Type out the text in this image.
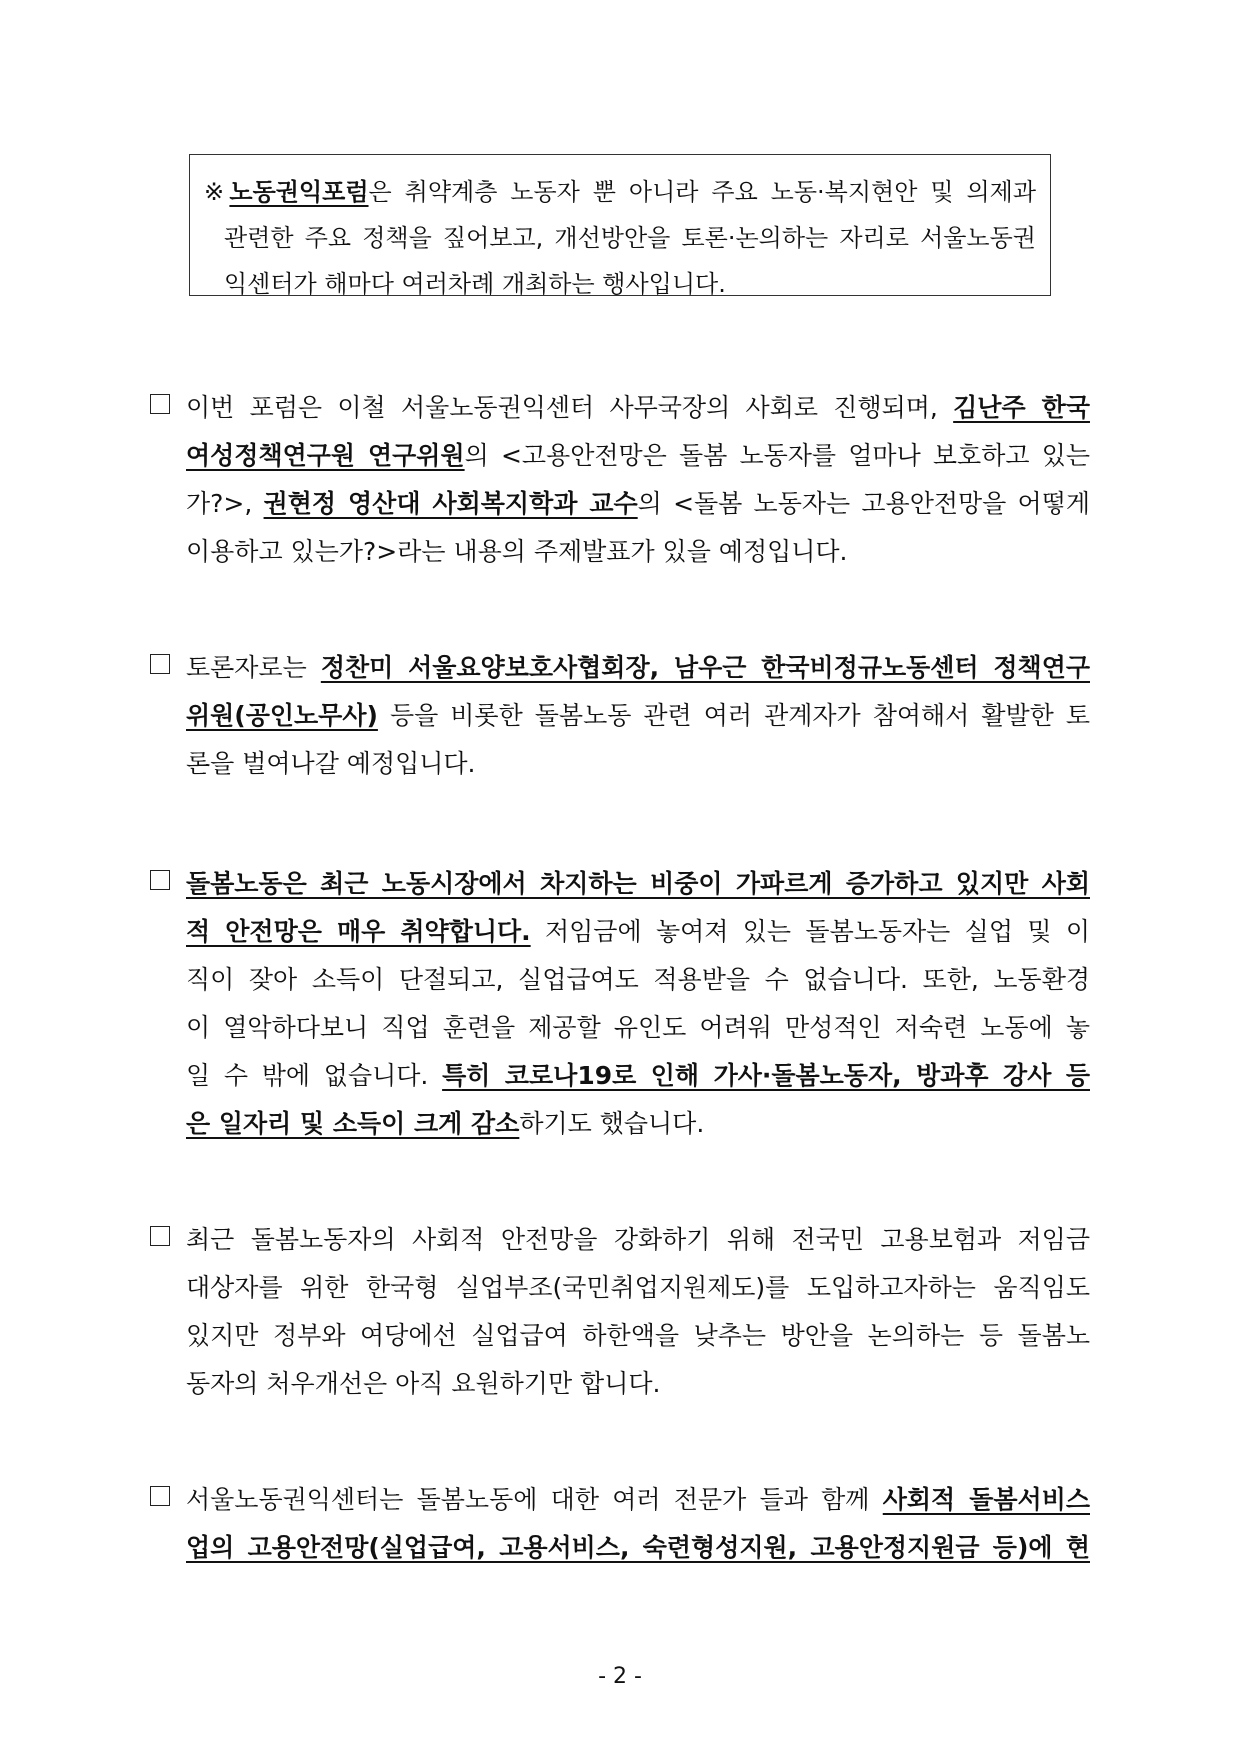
※노동권익포럼은 취약계층 노동자 뿐 아니라 주요 노동·복지현안 및 의제과
관련한 주요 정책을 짚어보고, 개선방안을 토론·논의하는 자리로 서울노동권
익센터가 해마다 여러차례 개최하는 행사입니다.
이번 포럼은 이철 서울노동권익센터 사무국장의 사회로 진행되며, 김난주 한국
여성정책연구원 연구위원의 <고용안전망은 돌봄 노동자를 얼마나 보호하고 있는
가?>, 권현정 영산대 사회복지학과 교수의 <돌봄 노동자는 고용안전망을 어떻게
이용하고 있는가?>라는 내용의 주제발표가 있을 예정입니다.
토론자로는 정찬미 서울요양보호사협회장, 남우근 한국비정규노동센터 정책연구
위원(공인노무사) 등을 비롯한 돌봄노동 관련 여러 관계자가 참여해서 활발한 토
론을 벌여나갈 예정입니다.
돌봄노동은 최근 노동시장에서 차지하는 비중이 가파르게 증가하고 있지만 사회
적 안전망은 매우 취약합니다. 저임금에 놓여져 있는 돌봄노동자는 실업 및 이
직이 잦아 소득이 단절되고, 실업급여도 적용받을 수 없습니다. 또한, 노동환경
이 열악하다보니 직업 훈련을 제공할 유인도 어려워 만성적인 저숙련 노동에 놓
일 수 밖에 없습니다. 특히 코로나19로 인해 가사·돌봄노동자, 방과후 강사 등
은 일자리 및 소득이 크게 감소하기도 했습니다.
최근 돌봄노동자의 사회적 안전망을 강화하기 위해 전국민 고용보험과 저임금
대상자를 위한 한국형 실업부조(국민취업지원제도)를 도입하고자하는 움직임도
있지만 정부와 여당에선 실업급여 하한액을 낮추는 방안을 논의하는 등 돌봄노
동자의 처우개선은 아직 요원하기만 합니다.
서울노동권익센터는 돌봄노동에 대한 여러 전문가 들과 함께 사회적 돌봄서비스
업의 고용안전망(실업급여, 고용서비스, 숙련형성지원, 고용안정지원금 등)에 현
- 2 -
